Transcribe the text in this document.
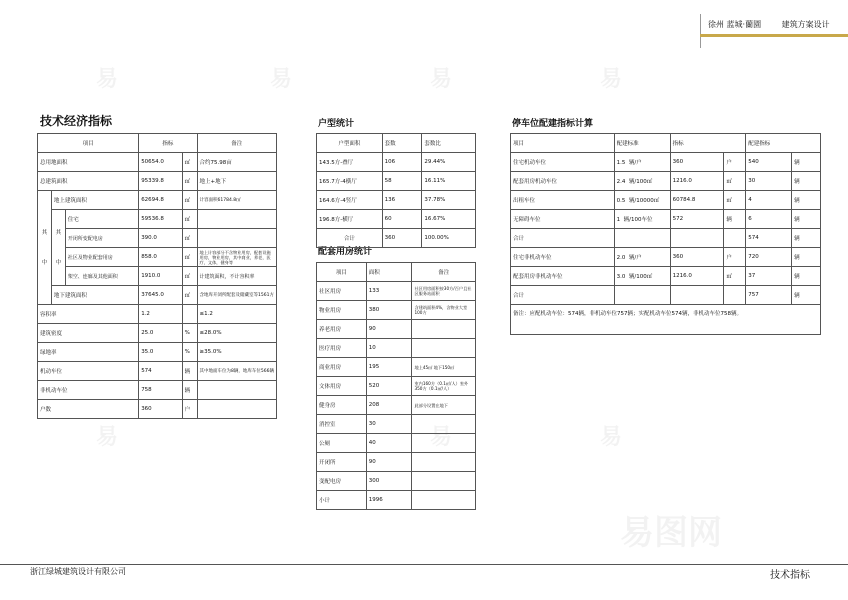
易	易	易	易
易	易	易
易图网
徐州 蓝城·蘭園	建筑方案设计
技术经济指标	户型统计
配套用房统计
停车位配建指标计算
项目			指标		备注
总用地面积			50654.0	㎡	合约75.98亩
总建筑面积			95339.8	㎡	地上+地下
其
中	地上建筑面积		62694.8	㎡	计容面积61784.8㎡
	其
中	住宅	59536.8	㎡	
		开闭所变配电房	390.0	㎡	
		社区及物业配套用房	858.0	㎡	地上计容部分不含物业用房，配套设施用房，物业用房，其中商业，养老，医疗，文体，健身等
		架空、连廊及其他面积	1910.0	㎡	计建筑面积，不计容积率
	地下建筑面积		37645.0	㎡	含地库开闭所配套及储藏室等1561方
容积率			1.2		≤1.2
建筑密度			25.0	%	≤28.0%
绿地率			35.0	%	≥35.0%
机动车位			574	辆	其中地面车位为8辆，地库车位566辆
非机动车位			758	辆	
户数			360	户	
户型面积	套数	套数比
143.5方-叠厅	106	29.44%
165.7方-4横厅	58	16.11%
164.6方-4竖厅	136	37.78%
196.8方-横厅	60	16.67%
合计	360	100.00%
项目	面积	备注
社区用房	133	社区用房面积按30方/百户且社区服务站面积
物业用房	380	含建筑面积4%，含物业大堂100方
养老用房	90	
医疗用房	10	
商业用房	195	地上45㎡ 地下150㎡
文体用房	520	室内160方（0.1㎡/人）室外350方（0.1㎡/人）
健身房	208	此部分设置在地下
消控室	30	
公厕	40	
开闭所	90	
变配电房	300	
小计	1996	
项目	配建标准	指标		配建指标	
住宅机动车位	1.5 辆/户	360	户	540	辆
配套用房机动车位	2.4 辆/100㎡	1216.0	㎡	30	辆
出租车位	0.5 辆/10000㎡	60784.8	㎡	4	辆
无障碍车位	1 辆/100车位	572	辆	6	辆
合计				574	辆
住宅非机动车位	2.0 辆/户	360	户	720	辆
配套用房非机动车位	3.0 辆/100㎡	1216.0	㎡	37	辆
合计				757	辆
备注：应配机动车位：574辆，非机动车位757辆；实配机动车位574辆，非机动车位758辆。					
浙江绿城建筑设计有限公司	技术指标
